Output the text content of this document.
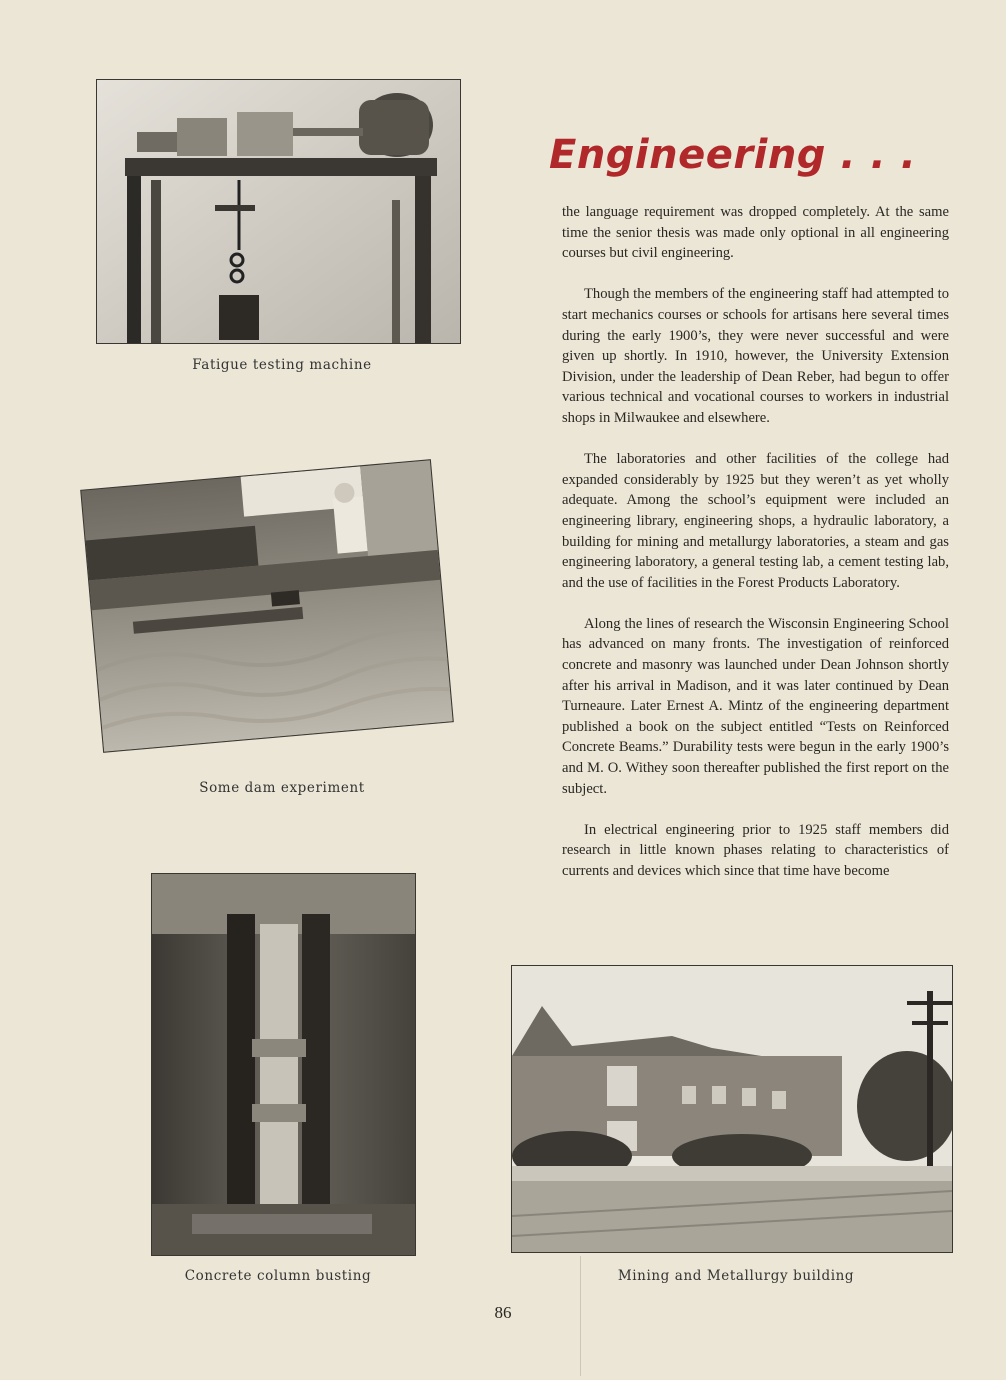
Fatigue testing machine
Some dam experiment
Concrete column busting	Mining and Metallurgy building
Engineering . . .

the language requirement was dropped completely. At the same time the senior thesis was made only optional in all engineering courses but civil engineering.

Though the members of the engineering staff had attempted to start mechanics courses or schools for artisans here several times during the early 1900’s, they were never successful and were given up shortly. In 1910, however, the University Extension Division, under the leadership of Dean Reber, had begun to offer various technical and vocational courses to workers in industrial shops in Milwaukee and elsewhere.

The laboratories and other facilities of the college had expanded considerably by 1925 but they weren’t as yet wholly adequate. Among the school’s equipment were included an engineering library, engineering shops, a hydraulic laboratory, a building for mining and metallurgy laboratories, a steam and gas engineering laboratory, a general testing lab, a cement testing lab, and the use of facilities in the Forest Products Laboratory.

Along the lines of research the Wisconsin Engineering School has advanced on many fronts. The investigation of reinforced concrete and masonry was launched under Dean Johnson shortly after his arrival in Madison, and it was later continued by Dean Turneaure. Later Ernest A. Mintz of the engineering department published a book on the subject entitled “Tests on Reinforced Concrete Beams.” Durability tests were begun in the early 1900’s and M. O. Withey soon thereafter published the first report on the subject.

In electrical engineering prior to 1925 staff members did research in little known phases relating to characteristics of currents and devices which since that time have become

86
